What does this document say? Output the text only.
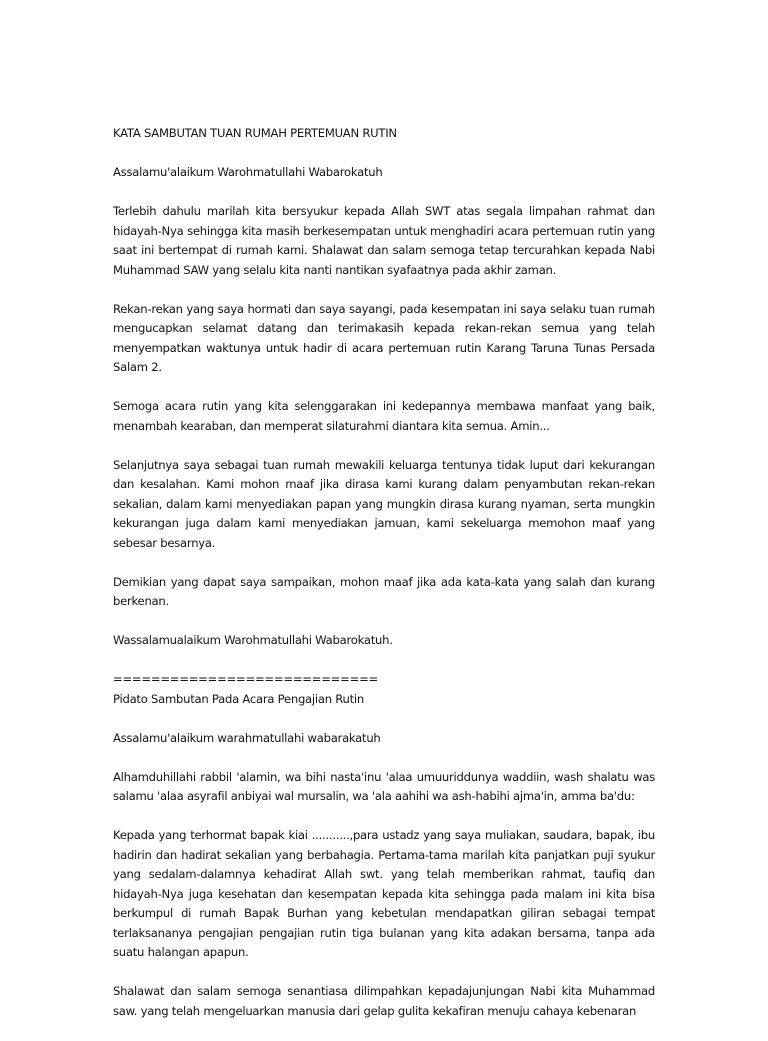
KATA SAMBUTAN TUAN RUMAH PERTEMUAN RUTIN

Assalamu'alaikum Warohmatullahi Wabarokatuh

Terlebih dahulu marilah kita bersyukur kepada Allah SWT atas segala limpahan rahmat dan hidayah-Nya sehingga kita masih berkesempatan untuk menghadiri acara pertemuan rutin yang saat ini bertempat di rumah kami. Shalawat dan salam semoga tetap tercurahkan kepada Nabi Muhammad SAW yang selalu kita nanti nantikan syafaatnya pada akhir zaman.

Rekan-rekan yang saya hormati dan saya sayangi, pada kesempatan ini saya selaku tuan rumah mengucapkan selamat datang dan terimakasih kepada rekan-rekan semua yang telah menyempatkan waktunya untuk hadir di acara pertemuan rutin Karang Taruna Tunas Persada Salam 2.

Semoga acara rutin yang kita selenggarakan ini kedepannya membawa manfaat yang baik, menambah kearaban, dan memperat silaturahmi diantara kita semua. Amin...

Selanjutnya saya sebagai tuan rumah mewakili keluarga tentunya tidak luput dari kekurangan dan kesalahan. Kami mohon maaf jika dirasa kami kurang dalam penyambutan rekan-rekan sekalian, dalam kami menyediakan papan yang mungkin dirasa kurang nyaman, serta mungkin kekurangan juga dalam kami menyediakan jamuan, kami sekeluarga memohon maaf yang sebesar besarnya.

Demikian yang dapat saya sampaikan, mohon maaf jika ada kata-kata yang salah dan kurang berkenan.

Wassalamualaikum Warohmatullahi Wabarokatuh.

============================

Pidato Sambutan Pada Acara Pengajian Rutin

Assalamu'alaikum warahmatullahi wabarakatuh

Alhamduhillahi rabbil 'alamin, wa bihi nasta'inu 'alaa umuuriddunya waddiin, wash shalatu was salamu 'alaa asyrafil anbiyai wal mursalin, wa 'ala aahihi wa ash-habihi ajma'in, amma ba'du:

Kepada yang terhormat bapak kiai ...........,para ustadz yang saya muliakan, saudara, bapak, ibu hadirin dan hadirat sekalian yang berbahagia. Pertama-tama marilah kita panjatkan puji syukur yang sedalam-dalamnya kehadirat Allah swt. yang telah memberikan rahmat, taufiq dan hidayah-Nya juga kesehatan dan kesempatan kepada kita sehingga pada malam ini kita bisa berkumpul di rumah Bapak Burhan yang kebetulan mendapatkan giliran sebagai tempat terlaksananya pengajian pengajian rutin tiga bulanan yang kita adakan bersama, tanpa ada suatu halangan apapun.

Shalawat dan salam semoga senantiasa dilimpahkan kepadajunjungan Nabi kita Muhammad saw. yang telah mengeluarkan manusia dari gelap gulita kekafiran menuju cahaya kebenaran
